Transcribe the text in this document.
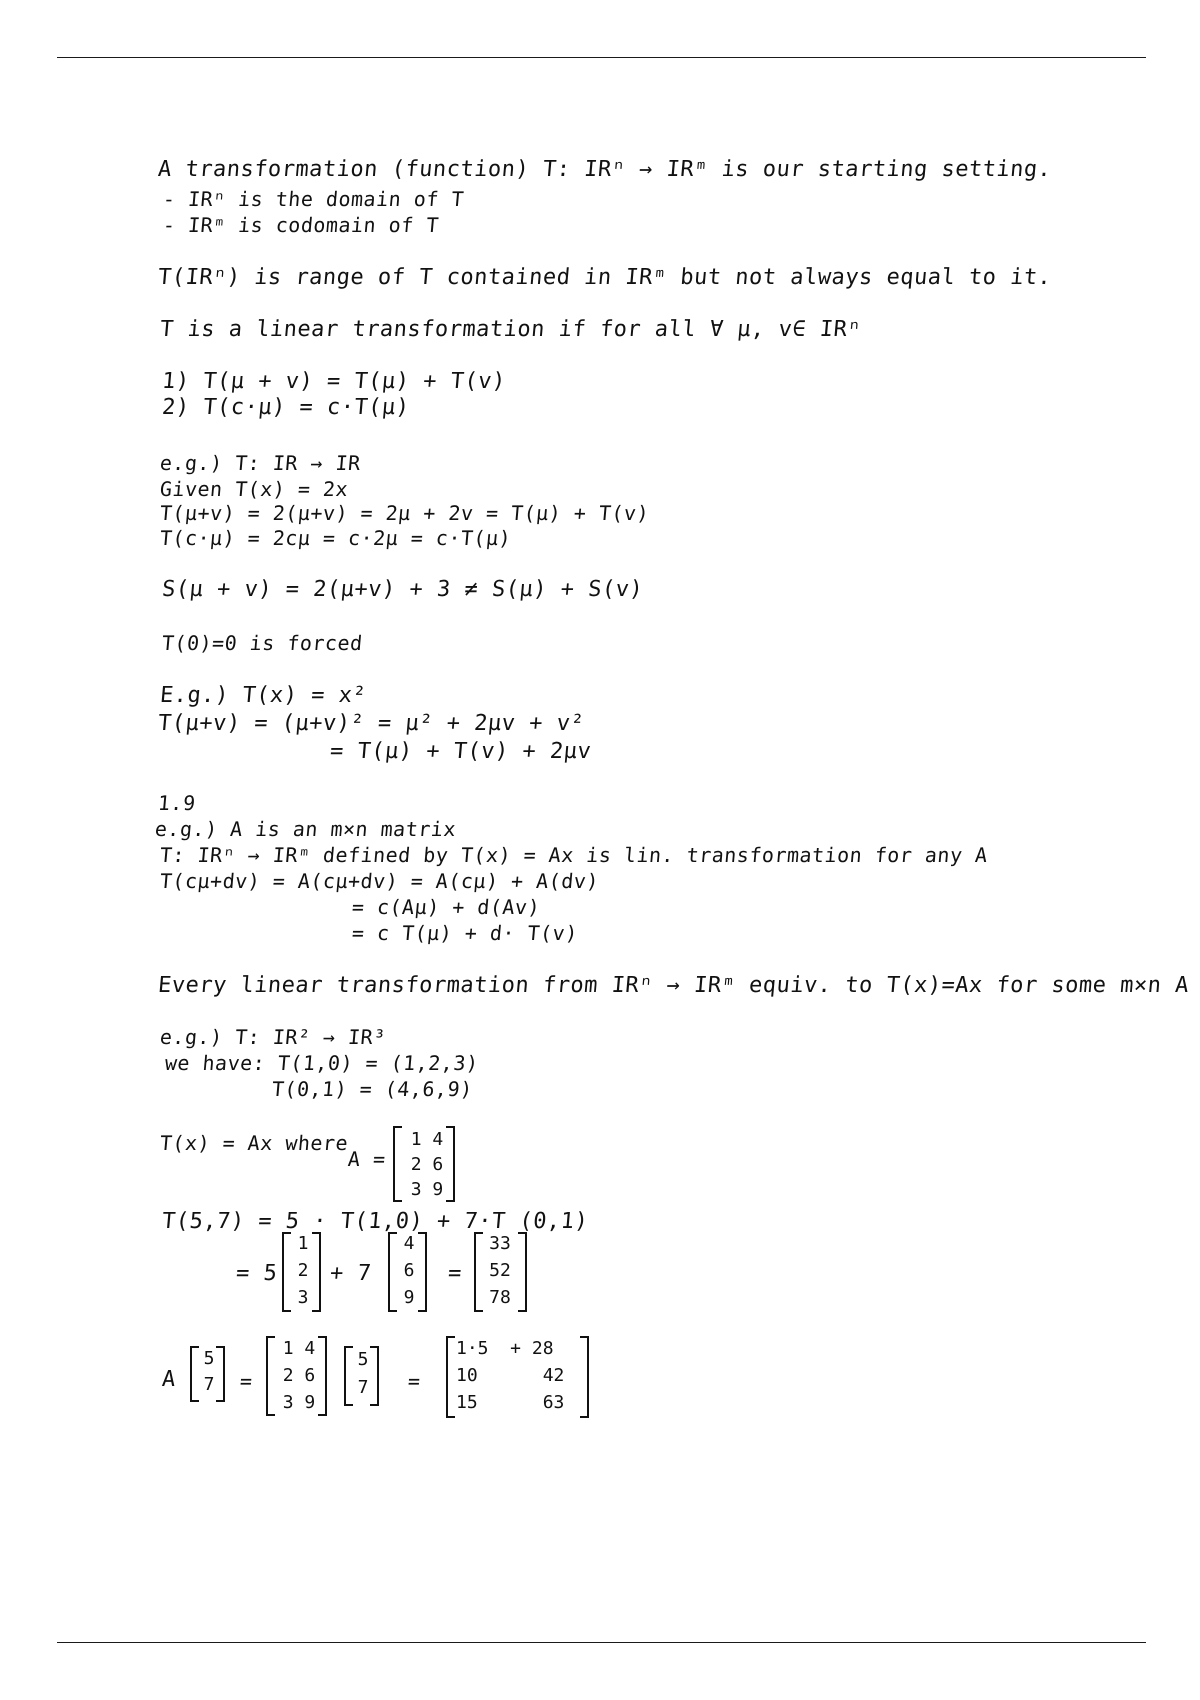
A transformation (function) T: IRⁿ → IRᵐ is our starting setting.

- IRⁿ is the domain of T

- IRᵐ is codomain of T

T(IRⁿ) is range of T contained in IRᵐ but not always equal to it.

T is a linear transformation if for all ∀ μ, v∈ IRⁿ

1) T(μ + v) = T(μ) + T(v)

2) T(c·μ) = c·T(μ)

e.g.) T: IR → IR

Given T(x) = 2x

T(μ+v) = 2(μ+v) = 2μ + 2v = T(μ) + T(v)

T(c·μ) = 2cμ = c·2μ = c·T(μ)

S(μ + v) = 2(μ+v) + 3 ≠ S(μ) + S(v)

T(0)=0 is forced

E.g.) T(x) = x²

T(μ+v) = (μ+v)² = μ² + 2μv + v²

= T(μ) + T(v) + 2μv

1.9

e.g.) A is an m×n matrix

T: IRⁿ → IRᵐ defined by T(x) = Ax is lin. transformation for any A

T(cμ+dv) = A(cμ+dv) = A(cμ) + A(dv)

= c(Aμ) + d(Av)

= c T(μ) + d· T(v)

Every linear transformation from IRⁿ → IRᵐ equiv. to T(x)=Ax for some m×n A

e.g.) T: IR² → IR³

we have: T(1,0) = (1,2,3)

T(0,1) = (4,6,9)

T(x) = Ax where

A =

1 4
2 6
3 9

T(5,7) = 5 · T(1,0) + 7·T (0,1)

= 5

1
2
3

+ 7

4
6
9

=

33
52
78

A

5
7 =

1 4
2 6
3 9
5
7 =

1·5  + 28
10      42
15      63
